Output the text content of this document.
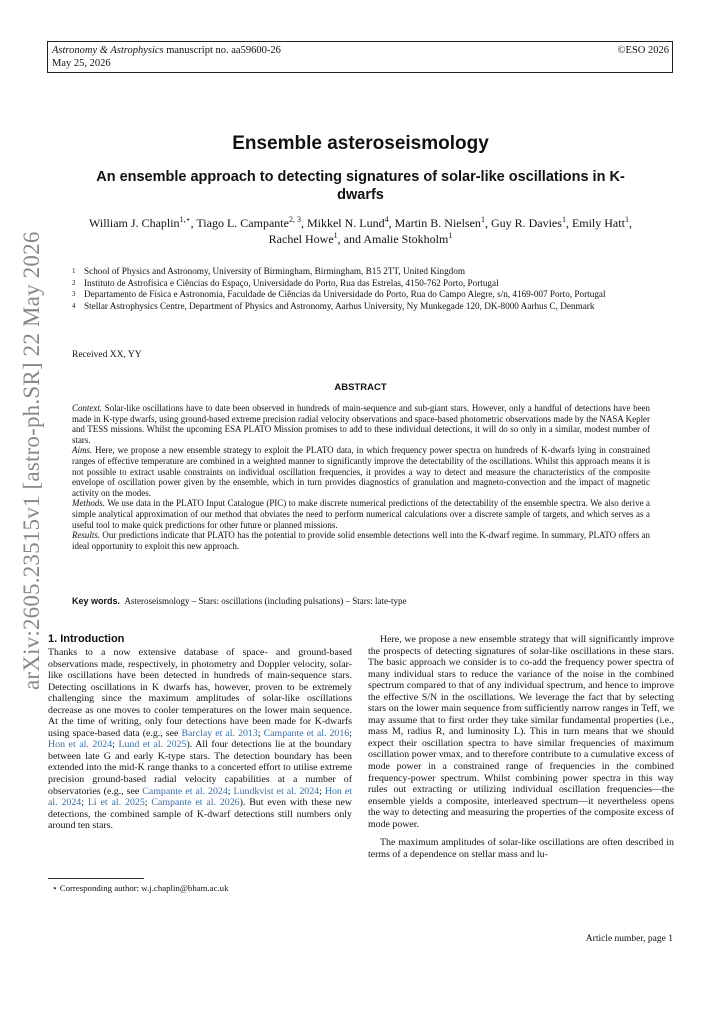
Astronomy & Astrophysics manuscript no. aa59600-26
May 25, 2026
©ESO 2026
arXiv:2605.23515v1 [astro-ph.SR] 22 May 2026
Ensemble asteroseismology
An ensemble approach to detecting signatures of solar-like oscillations in K-dwarfs
William J. Chaplin$^{1,⋆}$, Tiago L. Campante$^{2, 3}$, Mikkel N. Lund$^4$, Martin B. Nielsen$^1$, Guy R. Davies$^1$, Emily Hatt$^1$,
Rachel Howe$^1$, and Amalie Stokholm$^1$
1 School of Physics and Astronomy, University of Birmingham, Birmingham, B15 2TT, United Kingdom
2 Instituto de Astrofísica e Ciências do Espaço, Universidade do Porto, Rua das Estrelas, 4150-762 Porto, Portugal
3 Departamento de Física e Astronomia, Faculdade de Ciências da Universidade do Porto, Rua do Campo Alegre, s/n, 4169-007 Porto, Portugal
4 Stellar Astrophysics Centre, Department of Physics and Astronomy, Aarhus University, Ny Munkegade 120, DK-8000 Aarhus C, Denmark
Received XX, YY
ABSTRACT

Context. Solar-like oscillations have to date been observed in hundreds of main-sequence and sub-giant stars. However, only a handful of detections have been made in K-type dwarfs, using ground-based extreme precision radial velocity observations and space-based photometric observations made by the NASA Kepler and TESS missions. Whilst the upcoming ESA PLATO Mission promises to add to these individual detections, it will do so only in a similar, modest number of stars.

Aims. Here, we propose a new ensemble strategy to exploit the PLATO data, in which frequency power spectra on hundreds of K-dwarfs lying in constrained ranges of effective temperature are combined in a weighted manner to significantly improve the detectability of the oscillations. Whilst this approach means it is not possible to extract usable constraints on individual oscillation frequencies, it provides a way to detect and measure the characteristics of the composite envelope of oscillation power given by the ensemble, which in turn provides diagnostics of granulation and magneto-convection and the impact of magnetic activity on the modes.

Methods. We use data in the PLATO Input Catalogue (PIC) to make discrete numerical predictions of the detectability of the ensemble spectra. We also derive a simple analytical approximation of our method that obviates the need to perform numerical calculations over a discrete sample of targets, and which serves as a useful tool to make quick predictions for other future or planned missions.

Results. Our predictions indicate that PLATO has the potential to provide solid ensemble detections well into the K-dwarf regime. In summary, PLATO offers an ideal opportunity to exploit this new approach.

Key words. Asteroseismology – Stars: oscillations (including pulsations) – Stars: late-type
1. Introduction

Thanks to a now extensive database of space- and ground-based observations made, respectively, in photometry and Doppler velocity, solar-like oscillations have been detected in hundreds of main-sequence stars. Detecting oscillations in K dwarfs has, however, proven to be extremely challenging since the maximum amplitudes of solar-like oscillations decrease as one moves to cooler temperatures on the lower main sequence. At the time of writing, only four detections have been made for K-dwarfs using space-based data (e.g., see Barclay et al. 2013; Campante et al. 2016; Hon et al. 2024; Lund et al. 2025). All four detections lie at the boundary between late G and early K-type stars. The detection boundary has been extended into the mid-K range thanks to a concerted effort to utilise extreme precision ground-based radial velocity capabilities at a number of observatories (e.g., see Campante et al. 2024; Lundkvist et al. 2024; Hon et al. 2024; Li et al. 2025; Campante et al. 2026). But even with these new detections, the combined sample of K-dwarf detections still numbers only around ten stars.

⋆ Corresponding author: w.j.chaplin@bham.ac.uk

Here, we propose a new ensemble strategy that will significantly improve the prospects of detecting signatures of solar-like oscillations in these stars. The basic approach we consider is to co-add the frequency power spectra of many individual stars to reduce the variance of the noise in the combined spectrum compared to that of any individual spectrum, and hence to improve the effective S/N in the oscillations. We leverage the fact that by selecting stars on the lower main sequence from sufficiently narrow ranges in Teff, we may assume that to first order they take similar fundamental properties (i.e., mass M, radius R, and luminosity L). This in turn means that we should expect their oscillation spectra to have similar frequencies of maximum oscillation power νmax, and to therefore contribute to a cumulative excess of mode power in a constrained range of frequencies in the combined frequency-power spectrum. Whilst combining power spectra in this way rules out extracting or utilizing individual oscillation frequencies—the ensemble yields a composite, interleaved spectrum—it nevertheless opens the way to detecting and measuring the properties of the composite excess of mode power.

The maximum amplitudes of solar-like oscillations are often described in terms of a dependence on stellar mass and lu-

Article number, page 1
